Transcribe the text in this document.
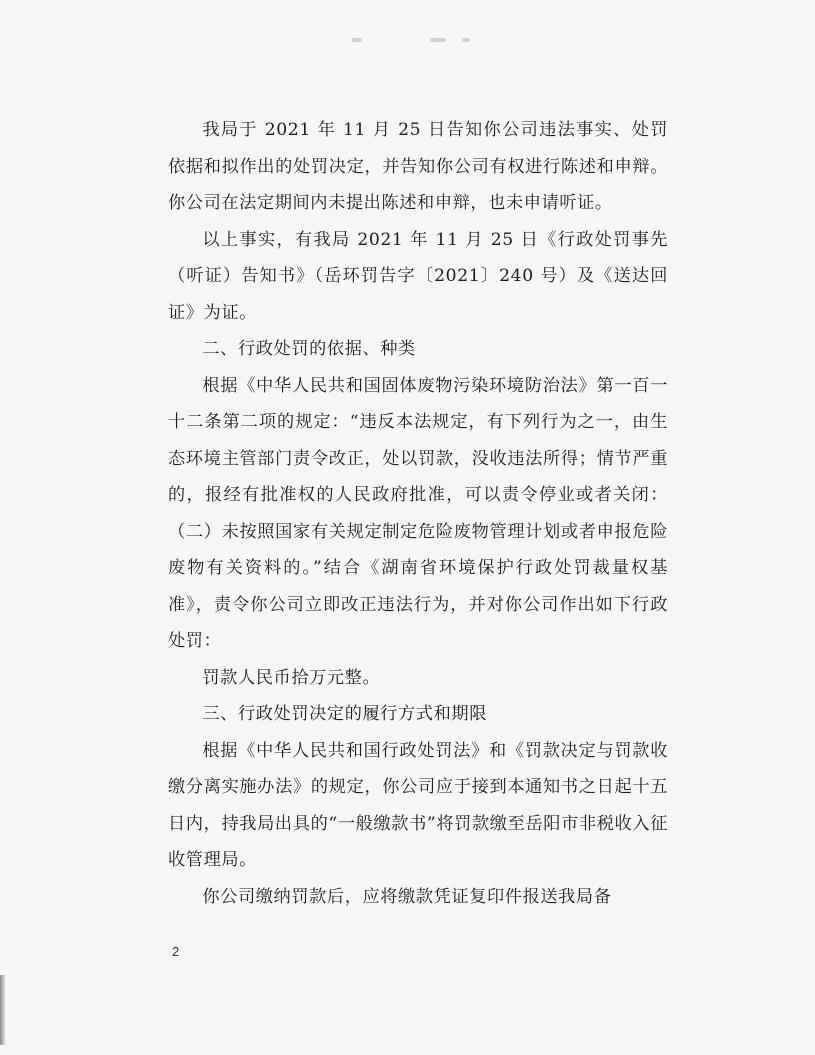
我局于 2021 年 11 月 25 日告知你公司违法事实、处罚依据和拟作出的处罚决定，并告知你公司有权进行陈述和申辩。你公司在法定期间内未提出陈述和申辩，也未申请听证。

以上事实，有我局 2021 年 11 月 25 日《行政处罚事先（听证）告知书》（岳环罚告字〔2021〕240 号）及《送达回证》为证。

二、行政处罚的依据、种类

根据《中华人民共和国固体废物污染环境防治法》第一百一十二条第二项的规定：“违反本法规定，有下列行为之一，由生态环境主管部门责令改正，处以罚款，没收违法所得；情节严重的，报经有批准权的人民政府批准，可以责令停业或者关闭：（二）未按照国家有关规定制定危险废物管理计划或者申报危险废物有关资料的。”结合《湖南省环境保护行政处罚裁量权基准》，责令你公司立即改正违法行为，并对你公司作出如下行政处罚：

罚款人民币拾万元整。

三、行政处罚决定的履行方式和期限

根据《中华人民共和国行政处罚法》和《罚款决定与罚款收缴分离实施办法》的规定，你公司应于接到本通知书之日起十五日内，持我局出具的“一般缴款书”将罚款缴至岳阳市非税收入征收管理局。

你公司缴纳罚款后，应将缴款凭证复印件报送我局备

2
